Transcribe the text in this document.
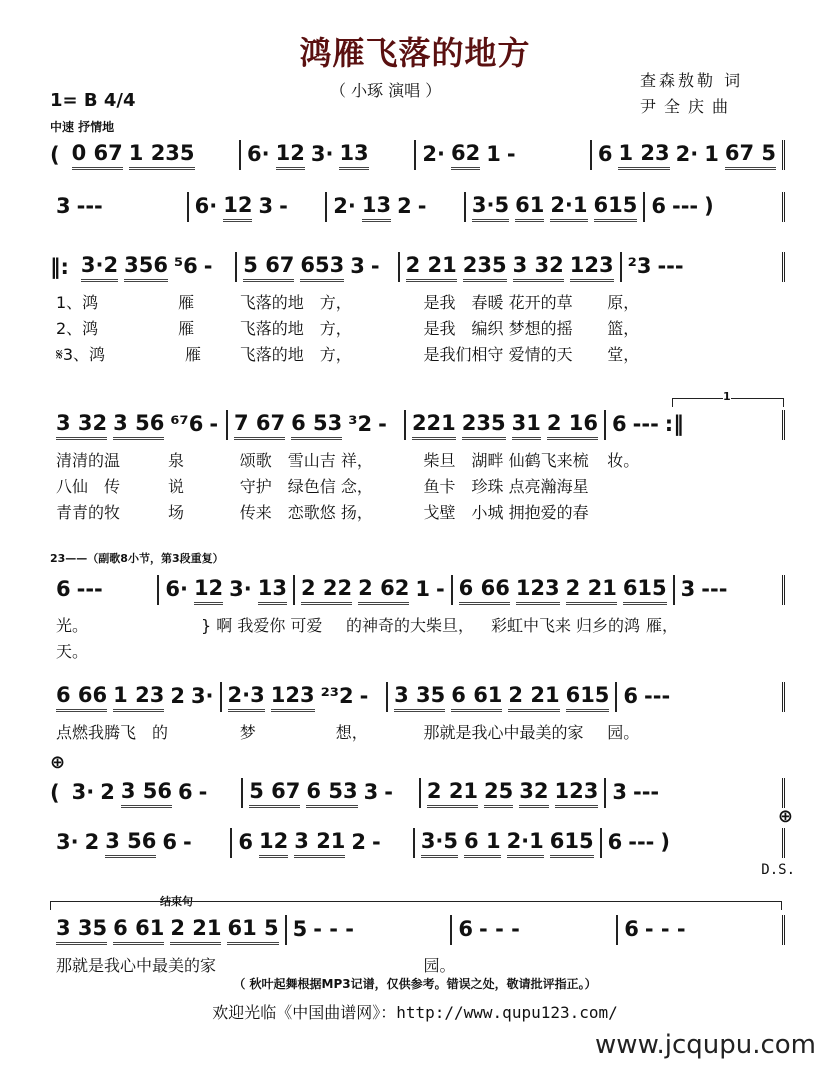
鸿雁飞落的地方
（ 小琢 演唱 ）
查森敖勒 词
尹全庆曲
1= B 4/4
中速 抒情地
( 0 67 1 235 6· 12 3· 13	2· 62 1 -	6 1 23 2· 1 67 5
3 ---	6· 12 3 - 2· 13 2 - 3·5 61 2·1 615 6 --- )
‖: 3·2 356 ⁵6 - 5 67 653 3 - 2 21 235 3 32 123 ²3 ---
1、鸿　　　　　雁	飞落的地　方，	是我　春暖 花开的草	原，
2、鸿　　　　　雁	飞落的地　方，	是我　编织 梦想的摇	篮，
𝄋3、鸿　　　　　雁	飞落的地　方，	是我们相守 爱情的天	堂，
1
3 32 3 56 ⁶⁷6 - 7 67 6 53 ³2 - 221 235 31 2 16 6 --- :‖
清清的温　　　泉	颂歌　雪山吉 祥，	柴旦　湖畔 仙鹤飞来梳	妆。
八仙　传　　　说	守护　绿色信 念，	鱼卡　珍珠 点亮瀚海星
青青的牧　　　场	传来　恋歌悠 扬，	戈壁　小城 拥抱爱的春
23——（副歌8小节，第3段重复）
6 ---	6· 12 3· 13 2 22 2 62 1 - 6 66 123 2 21 615 3 ---
光。	} 啊 我爱你 可爱	的神奇的大柴旦，	彩虹中飞来 归乡的鸿 雁，
天。
6 66 1 23 2 3· 2·3 123 ²³2 - 3 35 6 61 2 21 615 6 ---
点燃我腾飞　的	梦　　　　　想，	那就是我心中最美的家	园。
⊕
( 3· 2 3 56 6 - 5 67 6 53 3 - 2 21 25 32 123 3 ---
3· 2 3 56 6 - 6 12 3 21 2 - 3·5 6 1 2·1 615 6 --- )
⊕
D.S.
结束句
3 35 6 61 2 21 61 5 5 - - -	6 - - -	6 - - -
那就是我心中最美的家	园。
（ 秋叶起舞根据MP3记谱，仅供参考。错误之处，敬请批评指正。）
欢迎光临《中国曲谱网》：http://www.qupu123.com/
www.jcqupu.com
